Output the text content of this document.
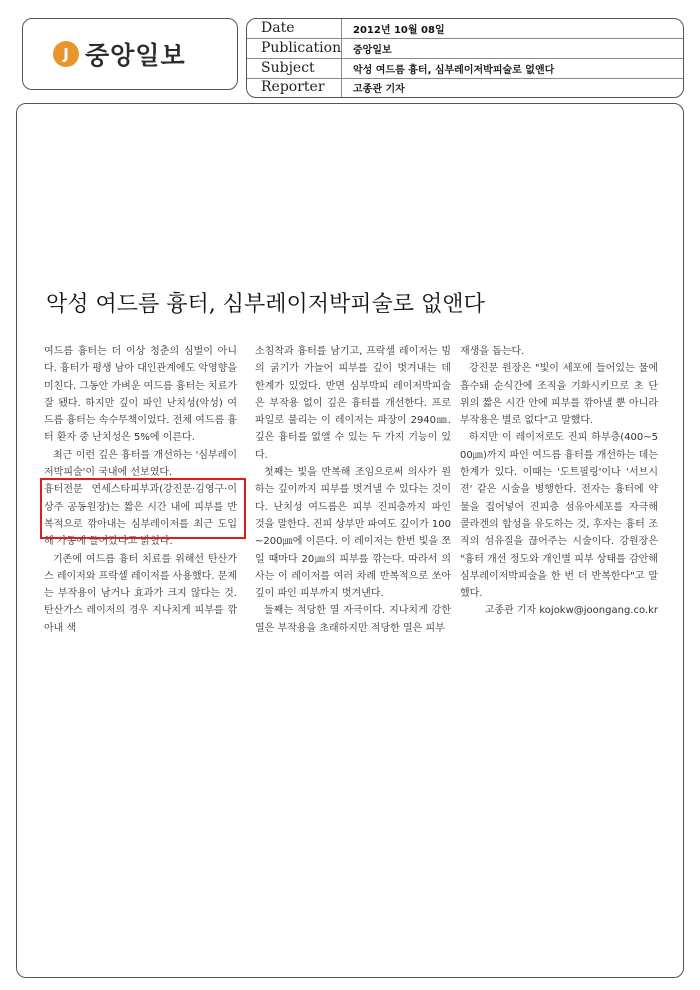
J 중앙일보
Date	2012년 10월 08일
Publication	중앙일보
Subject	악성 여드름 흉터, 심부레이저박피술로 없앤다
Reporter	고종관 기자
악성 여드름 흉터, 심부레이저박피술로 없앤다

여드름 흉터는 더 이상 청춘의 심벌이 아니다. 흉터가 평생 남아 대인관계에도 악영향을 미친다. 그동안 가벼운 여드름 흉터는 치료가 잘 됐다. 하지만 깊이 파인 난치성(악성) 여드름 흉터는 속수무책이었다. 전체 여드름 흉터 환자 중 난치성은 5%에 이른다.

최근 이런 깊은 흉터를 개선하는 '심부레이저박피술'이 국내에 선보였다.

흉터전문 연세스타피부과(강진문·김영구·이상주 공동원장)는 짧은 시간 내에 피부를 반복적으로 깎아내는 심부레이저를 최근 도입해 가동에 들어갔다고 밝혔다.

기존에 여드름 흉터 치료를 위해선 탄산가스 레이저와 프락셀 레이저를 사용했다. 문제는 부작용이 남거나 효과가 크지 않다는 것. 탄산가스 레이저의 경우 지나치게 피부를 깎아내 색

소침착과 흉터를 남기고, 프락셀 레이저는 빔의 굵기가 가늘어 피부를 깊이 벗겨내는 데 한계가 있었다. 반면 심부박피 레이저박피술은 부작용 없이 깊은 흉터를 개선한다. 프로파일로 불리는 이 레이저는 파장이 2940㎚. 깊은 흉터를 없앨 수 있는 두 가지 기능이 있다.

첫째는 빛을 반복해 조임으로써 의사가 원하는 깊이까지 피부를 벗겨낼 수 있다는 것이다. 난치성 여드름은 피부 진피층까지 파인 것을 말한다. 진피 상부만 파여도 깊이가 100~200㎛에 이른다. 이 레이저는 한번 빛을 쪼일 때마다 20㎛의 피부를 깎는다. 따라서 의사는 이 레이저를 여러 차례 반복적으로 쏘아 깊이 파인 피부까지 벗겨낸다.

둘째는 적당한 열 자극이다. 지나치게 강한 열은 부작용을 초래하지만 적당한 열은 피부

재생을 돕는다.

강진문 원장은 "빛이 세포에 들어있는 물에 흡수돼 순식간에 조직을 기화시키므로 초 단위의 짧은 시간 안에 피부를 깎아낼 뿐 아니라 부작용은 별로 없다"고 말했다.

하지만 이 레이저로도 진피 하부층(400~500㎛)까지 파인 여드름 흉터를 개선하는 데는 한계가 있다. 이때는 '도트필링'이나 '서브시젼' 같은 시술을 병행한다. 전자는 흉터에 약물을 집어넣어 진피층 섬유아세포를 자극해 콜라겐의 합성을 유도하는 것, 후자는 흉터 조직의 섬유질을 끊어주는 시술이다. 강원장은 "흉터 개선 정도와 개인별 피부 상태를 감안해 심부레이저박피술을 한 번 더 반복한다"고 말했다.

고종관 기자 kojokw@joongang.co.kr
